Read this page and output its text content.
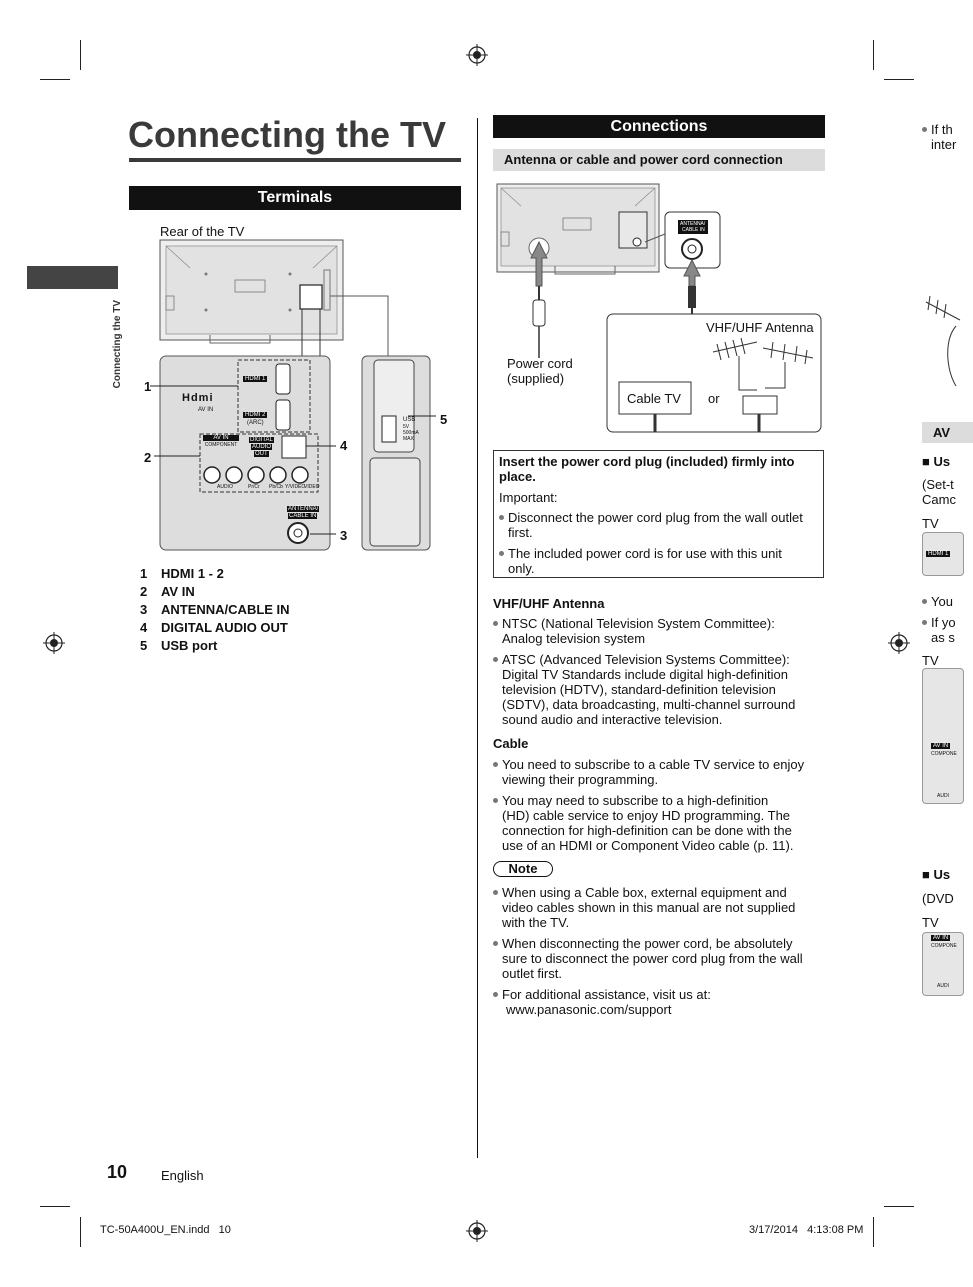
Connecting the TV
Connecting the TV
Terminals
Rear of the TV
Hdmi
AV IN
HDMI 1
HDMI 2
(ARC)
AV IN
COMPONENT
DIGITAL
AUDIO
OUT
AUDIO	Pr/Cr Pb/Cb Y/VIDEO
VIDEO
ANTENNA/
CABLE IN
USB
5V
500mA
MAX
1
2
3
4
5
1 HDMI 1 - 2
2 AV IN
3 ANTENNA/CABLE IN
4 DIGITAL AUDIO OUT
5 USB port
Connections
Antenna or cable and power cord connection
ANTENNA/
CABLE IN
Power cord
(supplied)
VHF/UHF Antenna
Cable TV or
Insert the power cord plug (included) firmly into
place.
Important:
Disconnect the power cord plug from the wall outlet
first.
The included power cord is for use with this unit
only.
VHF/UHF Antenna
NTSC (National Television System Committee):
Analog television system
ATSC (Advanced Television Systems Committee):
Digital TV Standards include digital high-definition
television (HDTV), standard-definition television
(SDTV), data broadcasting, multi-channel surround
sound audio and interactive television.
Cable
You need to subscribe to a cable TV service to enjoy
viewing their programming.
You may need to subscribe to a high-definition
(HD) cable service to enjoy HD programming. The
connection for high-definition can be done with the
use of an HDMI or Component Video cable (p. 11).
Note
When using a Cable box, external equipment and
video cables shown in this manual are not supplied
with the TV.
When disconnecting the power cord, be absolutely
sure to disconnect the power cord plug from the wall
outlet first.
For additional assistance, visit us at:
www.panasonic.com/support
If th
inter
AV
■ Us
(Set-t
Camc
TV
HDMI 1
You
If yo
as s
TV
AV IN
COMPONE
AUDI
■ Us
(DVD
TV
AV IN
COMPONE
AUDI
10	English
TC-50A400U_EN.indd   10	3/17/2014   4:13:08 PM
